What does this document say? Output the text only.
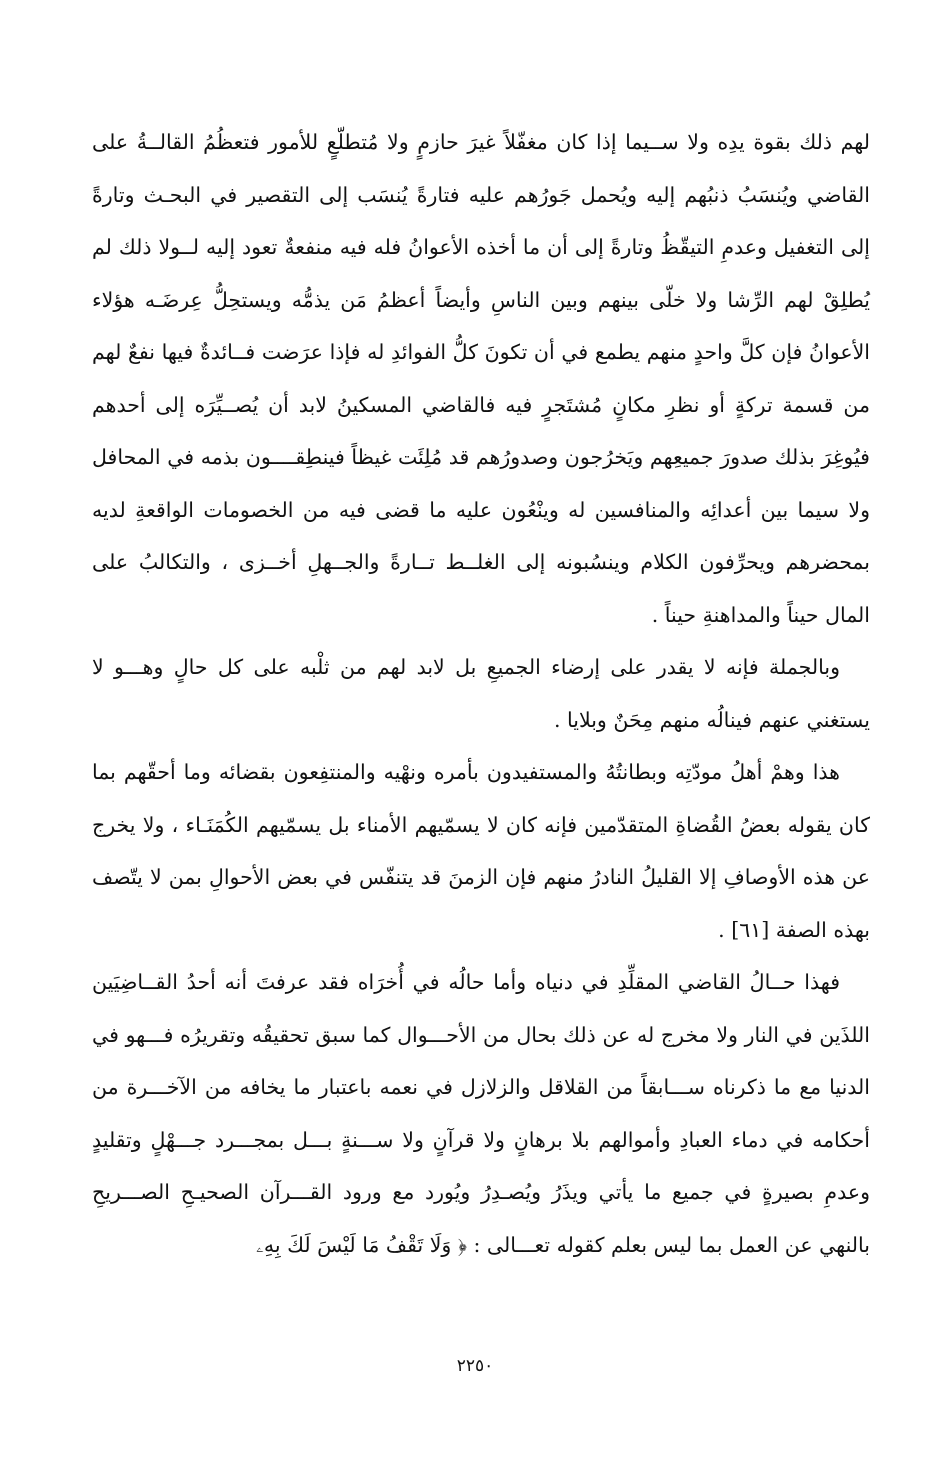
لهم ذلك بقوة يدِه ولا ســيما إذا كان مغفّلاً غيرَ حازمٍ ولا مُتطلّعٍ للأمور فتعظُمُ القالــةُ على القاضي ويُنسَبُ ذنبُهم إليه ويُحمل جَورُهم عليه فتارةً يُنسَب إلى التقصير في البحـث وتارةً إلى التغفيل وعدمِ التيقّظُ وتارةً إلى أن ما أخذه الأعوانُ فله فيه منفعةٌ تعود إليه لــولا ذلك لم يُطلِقْ لهم الرِّشا ولا خلّى بينهم وبين الناسِ وأيضاً أعظمُ مَن يذمُّه ويستحِلُّ عِرضَـه هؤلاء الأعوانُ فإن كلَّ واحدٍ منهم يطمع في أن تكونَ كلُّ الفوائدِ له فإذا عرَضت فــائدةٌ فيها نفعٌ لهم من قسمة تركةٍ أو نظرِ مكانٍ مُشتَجرٍ فيه فالقاضي المسكينُ لابد أن يُصــيِّرَه إلى أحدهم فيُوغِرَ بذلك صدورَ جميعِهم ويَخرُجون وصدورُهم قد مُلِئَت غيظاً فينطِقــــون بذمه في المحافل ولا سيما بين أعدائِه والمنافسين له وينْعُون عليه ما قضى فيه من الخصومات الواقعةِ لديه بمحضرهم ويحرِّفون الكلام وينسُبونه إلى الغلــط تــارةً والجــهلِ أخــزى ، والتكالبُ على المال حيناً والمداهنةِ حيناً .

وبالجملة فإنه لا يقدر على إرضاء الجميعِ بل لابد لهم من ثلْبه على كل حالٍ وهـــو لا يستغني عنهم فينالُه منهم مِحَنٌ وبلايا .

هذا وهمْ أهلُ مودّتِه وبطانتُهُ والمستفيدون بأمره ونهْيه والمنتفِعون بقضائه وما أحقّهم بما كان يقوله بعضُ القُضاةِ المتقدّمين فإنه كان لا يسمّيهم الأمناء بل يسمّيهم الكُمَنَـاء ، ولا يخرج عن هذه الأوصافِ إلا القليلُ النادرُ منهم فإن الزمنَ قد يتنفّس في بعض الأحوالِ بمن لا يتّصف بهذه الصفة [٦١] .

فهذا حــالُ القاضي المقلِّدِ في دنياه وأما حالُه في أُخرَاه فقد عرفتَ أنه أحدُ القــاضِيَين اللذَين في النار ولا مخرج له عن ذلك بحال من الأحـــوال كما سبق تحقيقُه وتقريرُه فـــهو في الدنيا مع ما ذكرناه ســـابقاً من القلاقل والزلازل في نعمه باعتبار ما يخافه من الآخـــرة من أحكامه في دماء العبادِ وأموالهم بلا برهانٍ ولا قرآنٍ ولا ســـنةٍ بـــل بمجـــرد جـــهْلٍ وتقليدٍ وعدمِ بصيرةٍ في جميع ما يأتي ويذَرُ ويُصـدِرُ ويُورد مع ورود القـــرآن الصحيـحِ الصـــريحِ بالنهي عن العمل بما ليس بعلم كقوله تعـــالى : ﴿ وَلَا تَقْفُ مَا لَيْسَ لَكَ بِهِۦ

٢٢٥٠
